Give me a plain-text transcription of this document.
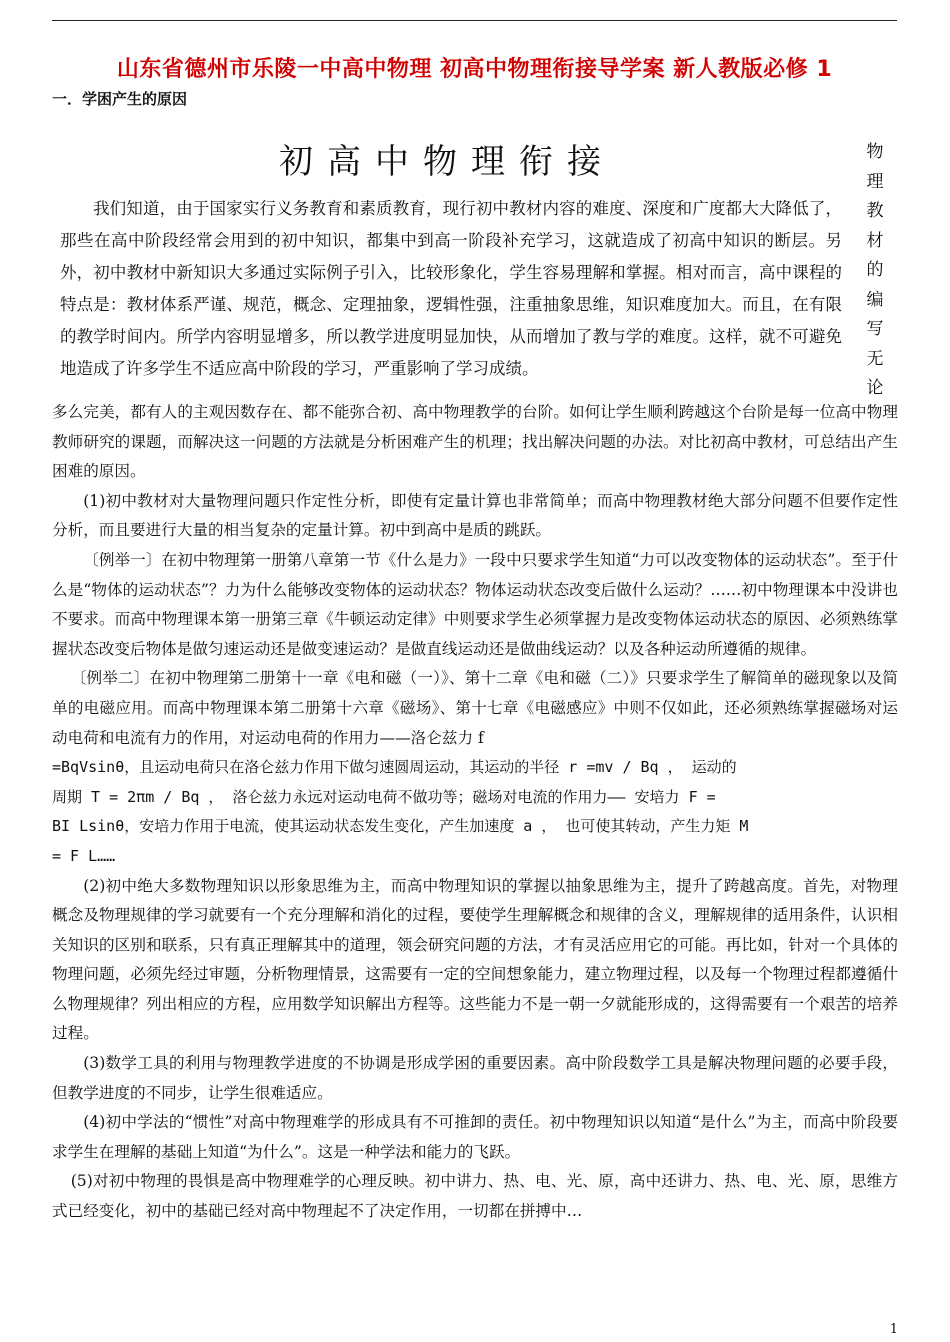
山东省德州市乐陵一中高中物理 初高中物理衔接导学案 新人教版必修 1
一．学困产生的原因
初高中物理衔接

我们知道，由于国家实行义务教育和素质教育，现行初中教材内容的难度、深度和广度都大大降低了，那些在高中阶段经常会用到的初中知识，都集中到高一阶段补充学习，这就造成了初高中知识的断层。另外，初中教材中新知识大多通过实际例子引入，比较形象化，学生容易理解和掌握。相对而言，高中课程的特点是：教材体系严谨、规范，概念、定理抽象，逻辑性强，注重抽象思维，知识难度加大。而且，在有限的教学时间内。所学内容明显增多，所以教学进度明显加快，从而增加了教与学的难度。这样，就不可避免地造成了许多学生不适应高中阶段的学习，严重影响了学习成绩。

物
理
教
材
的
编
写
无
论

多么完美，都有人的主观因数存在、都不能弥合初、高中物理教学的台阶。如何让学生顺利跨越这个台阶是每一位高中物理教师研究的课题，而解决这一问题的方法就是分析困难产生的机理；找出解决问题的办法。对比初高中教材，可总结出产生困难的原因。

(1)初中教材对大量物理问题只作定性分析，即使有定量计算也非常简单；而高中物理教材绝大部分问题不但要作定性分析，而且要进行大量的相当复杂的定量计算。初中到高中是质的跳跃。

〔例举一〕在初中物理第一册第八章第一节《什么是力》一段中只要求学生知道“力可以改变物体的运动状态”。至于什么是“物体的运动状态”？力为什么能够改变物体的运动状态？物体运动状态改变后做什么运动？……初中物理课本中没讲也不要求。而高中物理课本第一册第三章《牛顿运动定律》中则要求学生必须掌握力是改变物体运动状态的原因、必须熟练掌握状态改变后物体是做匀速运动还是做变速运动？是做直线运动还是做曲线运动？以及各种运动所遵循的规律。

〔例举二〕在初中物理第二册第十一章《电和磁（一）》、第十二章《电和磁（二）》只要求学生了解简单的磁现象以及简单的电磁应用。而高中物理课本第二册第十六章《磁场》、第十七章《电磁感应》中则不仅如此，还必须熟练掌握磁场对运动电荷和电流有力的作用，对运动电荷的作用力——洛仑兹力 f
=BqVsinθ，且运动电荷只在洛仑兹力作用下做匀速圆周运动，其运动的半径 r =mv / Bq ， 运动的
周期 T = 2πm / Bq ， 洛仑兹力永远对运动电荷不做功等；磁场对电流的作用力—— 安培力 F =
BI Lsinθ，安培力作用于电流，使其运动状态发生变化，产生加速度 a ， 也可使其转动，产生力矩 M
= F L……

(2)初中绝大多数物理知识以形象思维为主，而高中物理知识的掌握以抽象思维为主，提升了跨越高度。首先，对物理概念及物理规律的学习就要有一个充分理解和消化的过程，要使学生理解概念和规律的含义，理解规律的适用条件，认识相关知识的区别和联系，只有真正理解其中的道理，领会研究问题的方法，才有灵活应用它的可能。再比如，针对一个具体的物理问题，必须先经过审题，分析物理情景，这需要有一定的空间想象能力，建立物理过程，以及每一个物理过程都遵循什么物理规律？列出相应的方程，应用数学知识解出方程等。这些能力不是一朝一夕就能形成的，这得需要有一个艰苦的培养过程。

(3)数学工具的利用与物理教学进度的不协调是形成学困的重要因素。高中阶段数学工具是解决物理问题的必要手段，但教学进度的不同步，让学生很难适应。

(4)初中学法的“惯性”对高中物理难学的形成具有不可推卸的责任。初中物理知识以知道“是什么”为主，而高中阶段要求学生在理解的基础上知道“为什么”。这是一种学法和能力的飞跃。

(5)对初中物理的畏惧是高中物理难学的心理反映。初中讲力、热、电、光、原，高中还讲力、热、电、光、原，思维方式已经变化，初中的基础已经对高中物理起不了决定作用，一切都在拼搏中…

1
